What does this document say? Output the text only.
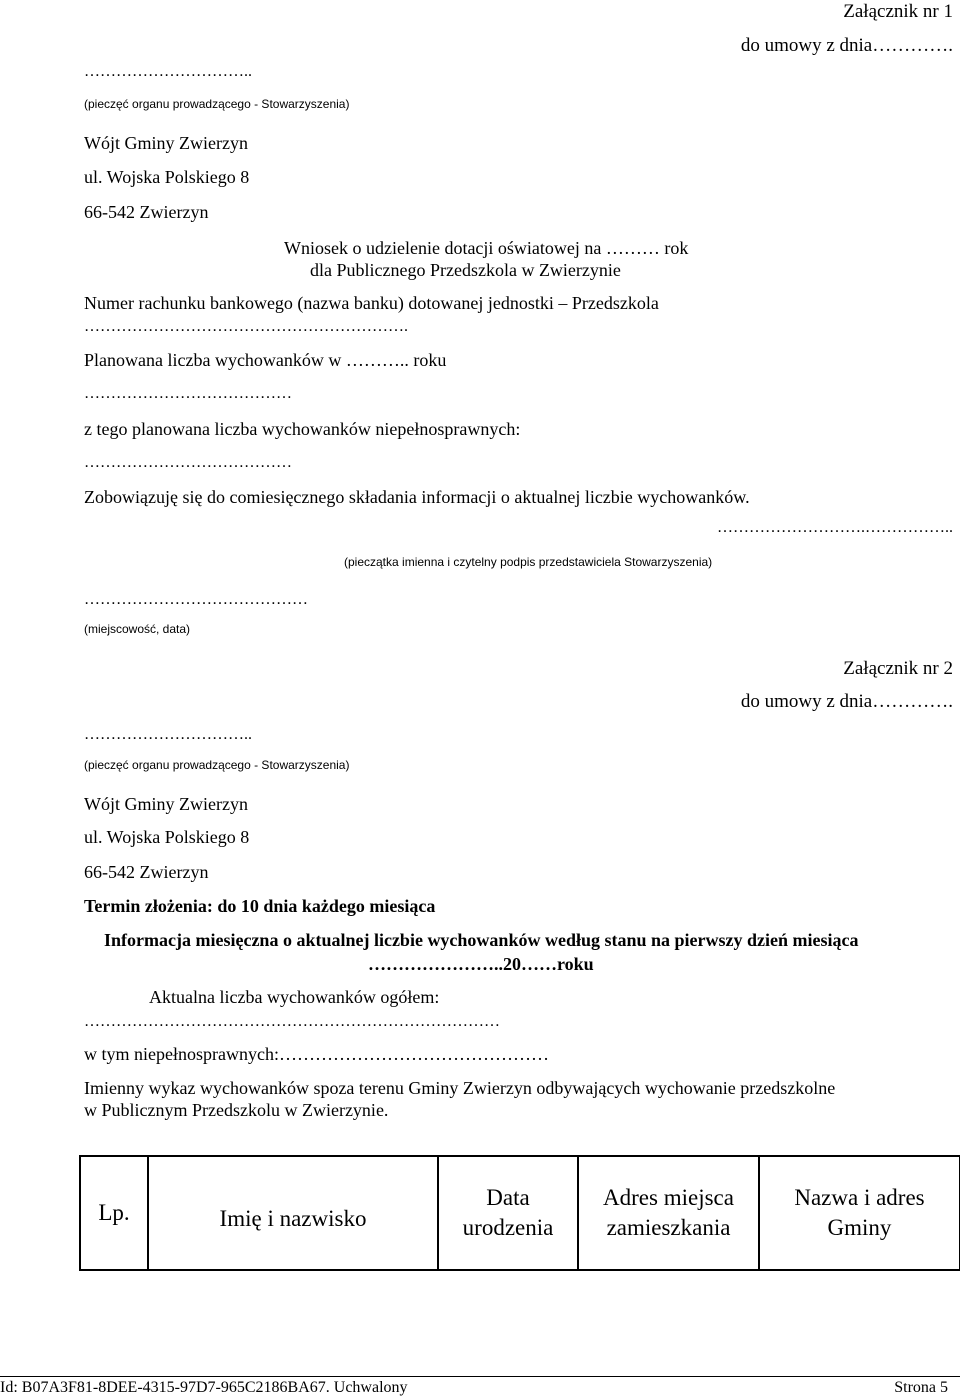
Załącznik nr 1
do umowy z dnia………….
…………………………..
(pieczęć organu prowadzącego - Stowarzyszenia)
Wójt Gminy Zwierzyn
ul. Wojska Polskiego 8
66-542 Zwierzyn
Wniosek o udzielenie dotacji oświatowej na ……… rok
dla Publicznego Przedszkola w Zwierzynie
Numer rachunku bankowego (nazwa banku) dotowanej jednostki – Przedszkola
…………………………………………………….
Planowana liczba wychowanków w ……….. roku
…………………………………
z tego planowana liczba wychowanków niepełnosprawnych:
…………………………………
Zobowiązuję się do comiesięcznego składania informacji o aktualnej liczbie wychowanków.
……………………….……………..
(pieczątka imienna i czytelny podpis przedstawiciela Stowarzyszenia)
……………………………………
(miejscowość, data)
Załącznik nr 2
do umowy z dnia………….
…………………………..
(pieczęć organu prowadzącego - Stowarzyszenia)
Wójt Gminy Zwierzyn
ul. Wojska Polskiego 8
66-542 Zwierzyn
Termin złożenia: do 10 dnia każdego miesiąca
Informacja miesięczna o aktualnej liczbie wychowanków według stanu na pierwszy dzień miesiąca
…………………..20……roku
Aktualna liczba wychowanków ogółem:
……………………………………………………………………
w tym niepełnosprawnych:………………………………………
Imienny wykaz wychowanków spoza terenu Gminy Zwierzyn odbywających wychowanie przedszkolne
w Publicznym Przedszkolu w Zwierzynie.
Lp.	Imię i nazwisko	Data urodzenia	Adres miejsca zamieszkania	Nazwa i adres Gminy
Id: B07A3F81-8DEE-4315-97D7-965C2186BA67. Uchwalony	Strona 5
